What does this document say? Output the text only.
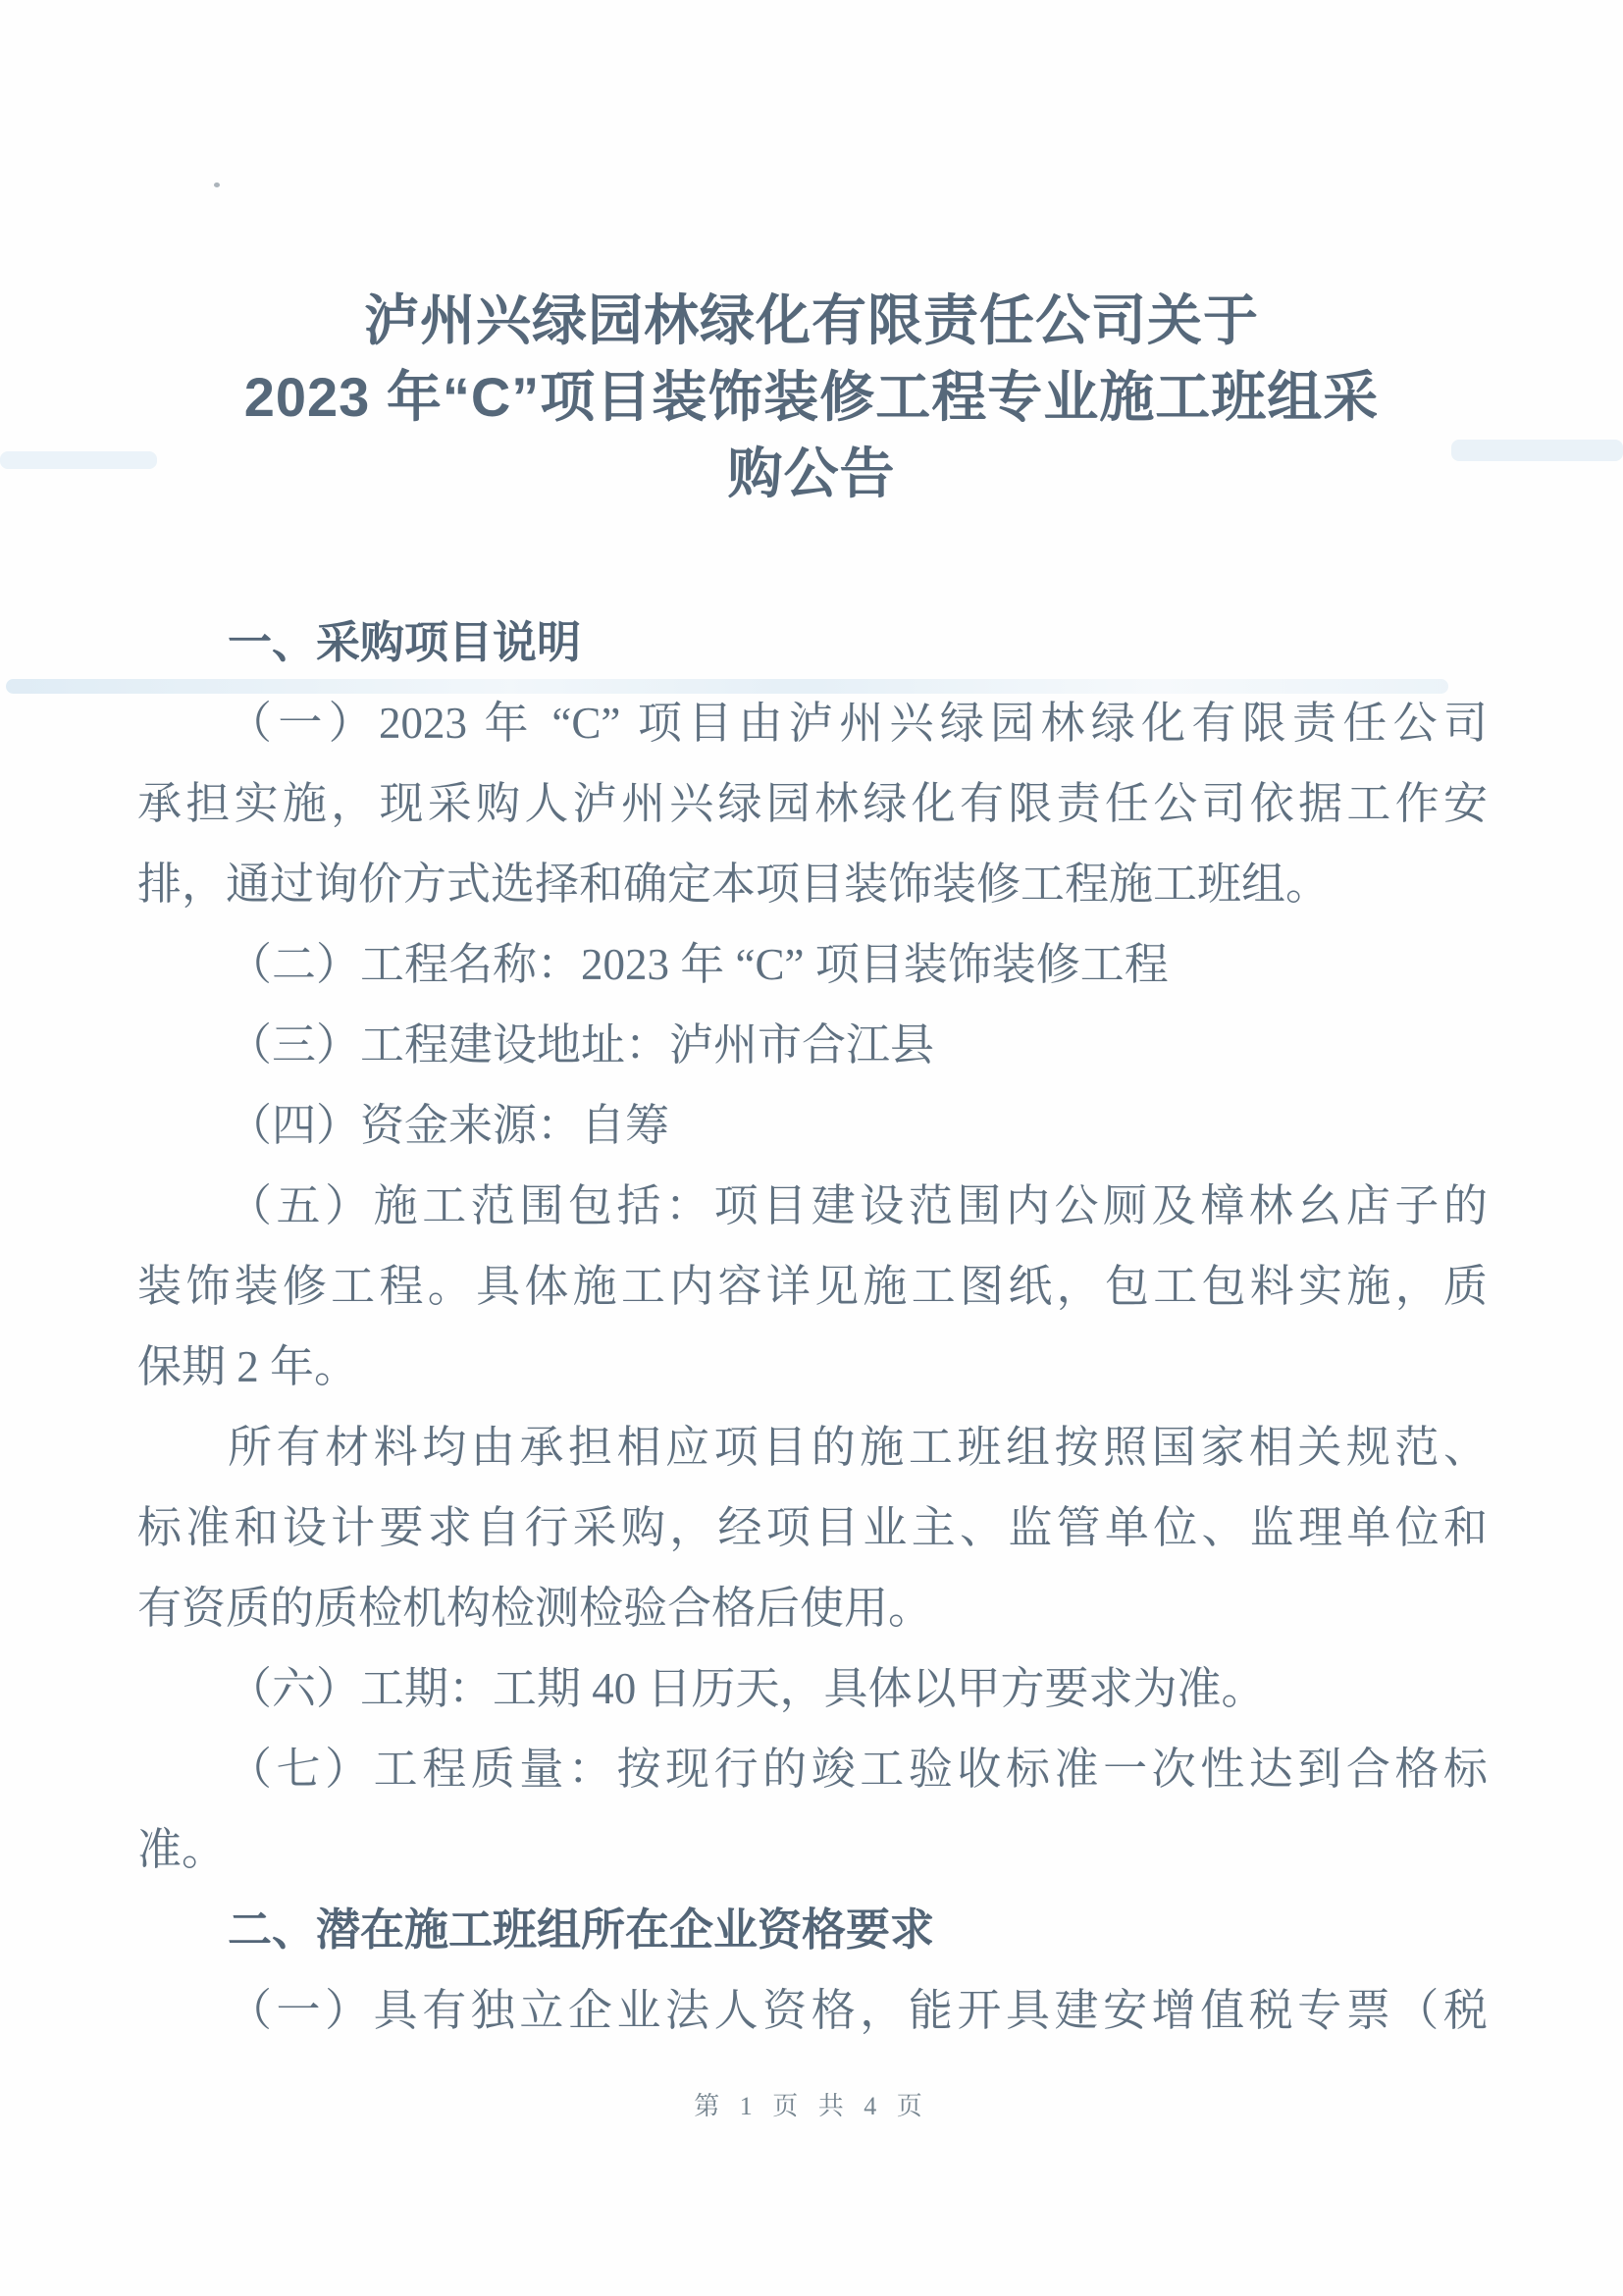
泸州兴绿园林绿化有限责任公司关于
2023 年“C”项目装饰装修工程专业施工班组采
购公告
一、采购项目说明
（一）2023 年 “C” 项目由泸州兴绿园林绿化有限责任公司
承担实施，现采购人泸州兴绿园林绿化有限责任公司依据工作安
排，通过询价方式选择和确定本项目装饰装修工程施工班组。
（二）工程名称：2023 年 “C” 项目装饰装修工程
（三）工程建设地址：泸州市合江县
（四）资金来源：自筹
（五）施工范围包括：项目建设范围内公厕及樟林幺店子的
装饰装修工程。具体施工内容详见施工图纸，包工包料实施，质
保期 2 年。
所有材料均由承担相应项目的施工班组按照国家相关规范、
标准和设计要求自行采购，经项目业主、监管单位、监理单位和
有资质的质检机构检测检验合格后使用。
（六）工期：工期 40 日历天，具体以甲方要求为准。
（七）工程质量：按现行的竣工验收标准一次性达到合格标
准。
二、潜在施工班组所在企业资格要求
（一）具有独立企业法人资格，能开具建安增值税专票（税
第 1 页 共 4 页
